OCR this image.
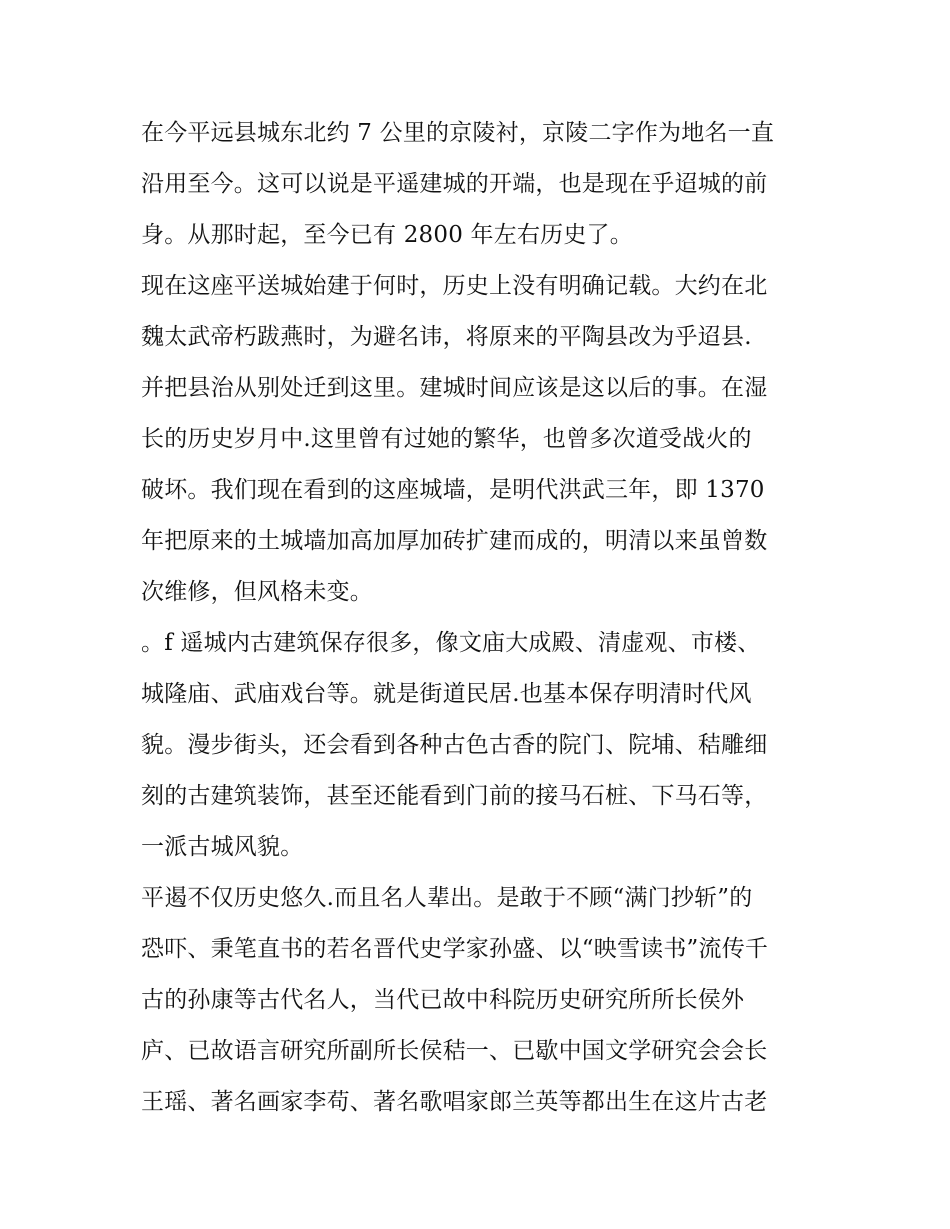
在今平远县城东北约 7 公里的京陵衬，京陵二字作为地名一直
沿用至今。这可以说是平遥建城的开端，也是现在乎迢城的前
身。从那时起，至今已有 2800 年左右历史了。
现在这座平送城始建于何时，历史上没有明确记载。大约在北
魏太武帝朽跋燕时，为避名讳，将原来的平陶县改为乎迢县.
并把县治从别处迁到这里。建城时间应该是这以后的事。在湿
长的历史岁月中.这里曾有过她的繁华，也曾多次道受战火的
破坏。我们现在看到的这座城墙，是明代洪武三年，即 1370
年把原来的土城墙加高加厚加砖扩建而成的，明清以来虽曾数
次维修，但风格未变。
。f 遥城内古建筑保存很多，像文庙大成殿、清虚观、市楼、
城隆庙、武庙戏台等。就是街道民居.也基本保存明清时代风
貌。漫步街头，还会看到各种古色古香的院门、院埔、秸雕细
刻的古建筑装饰，甚至还能看到门前的接马石桩、下马石等，
一派古城风貌。
平遏不仅历史悠久.而且名人辈出。是敢于不顾“满门抄斩”的
恐吓、秉笔直书的若名晋代史学家孙盛、以“映雪读书”流传千
古的孙康等古代名人，当代已故中科院历史研究所所长侯外
庐、已故语言研究所副所长侯秸一、已歇中国文学研究会会长
王瑶、著名画家李苟、著名歌唱家郎兰英等都出生在这片古老
